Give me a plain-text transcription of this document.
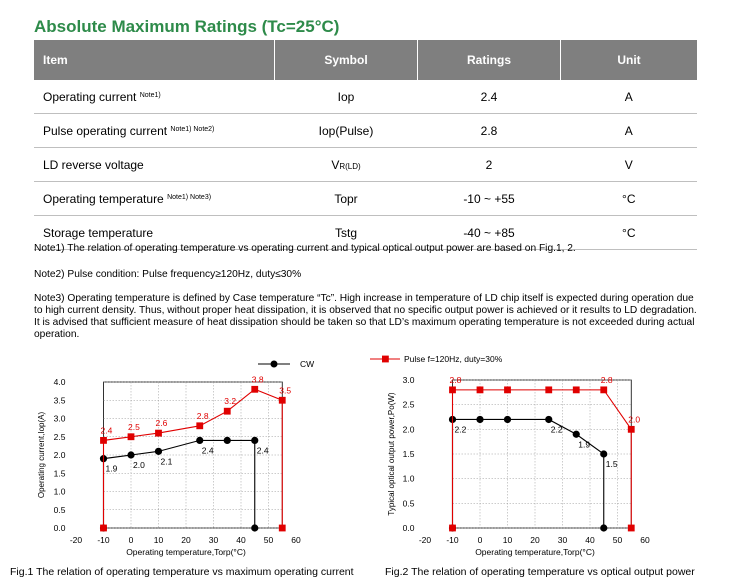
Absolute Maximum Ratings (Tc=25°C)
Item	Symbol	Ratings	Unit
Operating current $^{Note1)}$	Iop	2.4	A
Pulse operating current $^{Note1) Note2)}$	Iop(Pulse)	2.8	A
LD reverse voltage	VR(LD)	2	V
Operating temperature $^{Note1) Note3)}$	Topr	-10 ~ +55	°C
Storage temperature	Tstg	-40 ~ +85	°C
Note1) The relation of operating temperature vs operating current and typical optical output power are based on Fig.1, 2.
Note2) Pulse condition: Pulse frequency≥120Hz, duty≤30%
Note3) Operating temperature is defined by Case temperature “Tc”. High increase in temperature of LD chip itself is expected during operation due to high current density. Thus, without proper heat dissipation, it is observed that no specific output power is achieved or it results to LD degradation. It is advised that sufficient measure of heat dissipation should be taken so that LD’s maximum operating temperature is not exceeded during actual operation.
0.0
0.5
1.0
1.5
2.0
2.5
3.0
3.5
4.0
-20 -10 0 10 20 30 40 50 60
Operating temperature,Torp(°C)
Operating current,Iop(A)	1.9 2.0 2.1
2.4	2.4
2.4 2.5 2.6
2.8
3.2
3.8
3.5
CW
0.0
0.5
1.0
1.5
2.0
2.5
3.0
-20 -10 0 10 20 30 40 50 60
Operating temperature,Torp(°C)
Typical optical output power,Po(W)	2.2	2.2
1.9
1.5
2.8	2.8
2.0
Pulse f=120Hz, duty=30%
Fig.1 The relation of operating temperature vs maximum operating current	Fig.2 The relation of operating temperature vs optical output power
